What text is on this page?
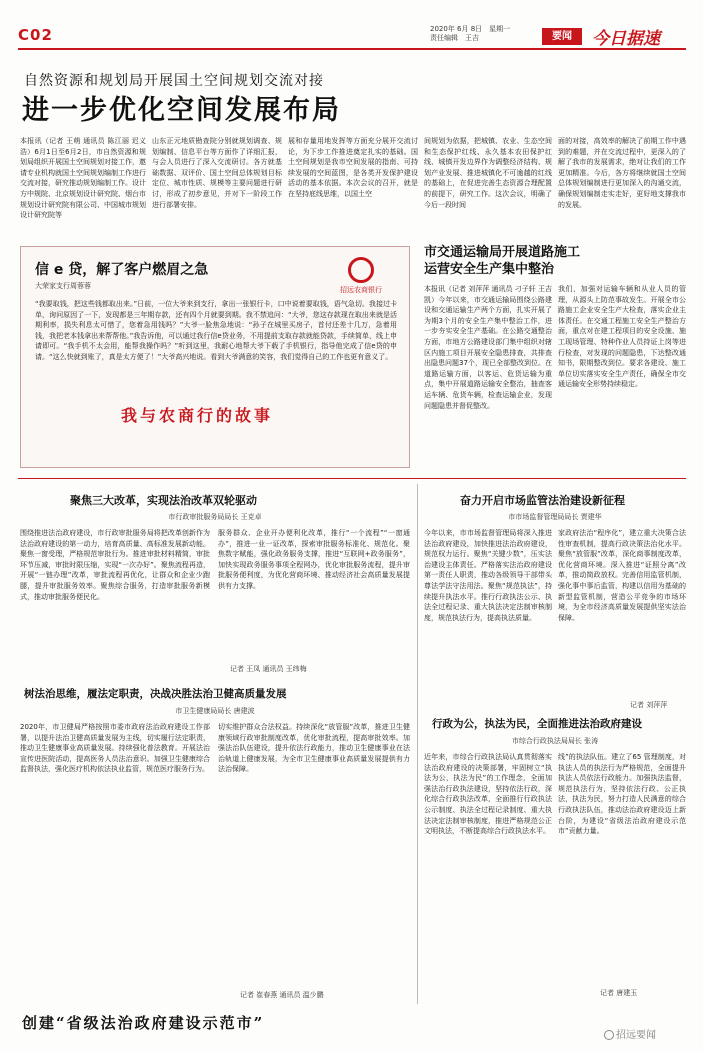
C02	2020年 6月 8日　星期一
责任编辑　王吉	要闻	今日据速
自然资源和规划局开展国土空间规划交流对接
进一步优化空间发展布局
本报讯（记者 王萌 通讯员 陈江丽 迟义浩）6月1日至6月2日，市自然资源和规划局组织开展国土空间规划对接工作，邀请专业机构就国土空间规划编制工作进行交流对接，研究推动规划编制工作。设计方中规院、北京规划设计研究院、烟台市规划设计研究院有限公司、中国城市规划设计研究院等
山东正元地质勘查院分别就规划调查、规划编制、信息平台等方面作了详细汇报，与会人员进行了深入交流研讨。各方就基础数据、双评价、国土空间总体规划目标定位、城市性质、规模等主要问题进行研讨，形成了初步意见，并对下一阶段工作进行部署安排。
展和存量用地发挥等方面充分展开交流讨论，为下步工作推进奠定扎实的基础。国土空间规划是我市空间发展的指南、可持续发展的空间蓝图，是各类开发保护建设活动的基本依据。本次会议的召开，就是在坚持底线思维，以国土空
间规划为依据，把城镇、农业、生态空间和生态保护红线、永久基本农田保护红线、城镇开发边界作为调整经济结构、规划产业发展、推进城镇化不可逾越的红线的基础上，在促进完善生态资源合理配置的前提下，研究工作。这次会议，明确了今后一段时间
面的对接，高效率的解决了前期工作中遇到的难题，并在交流过程中，更深入的了解了我市的发展需求，绝对让我们的工作更加精准。今后，各方将继续就国土空间总体规划编制进行更加深入的沟通交流，确保规划编制走实走好，更好地支撑我市的发展。
信 e 贷，解了客户燃眉之急
大荣家支行周蓉蓉	招远农商银行
“我要取钱，把这些钱都取出来。”日前，一位大爷来到支行，拿出一张银行卡，口中说着要取钱，语气急切。我接过卡单，询问原因了一下，发现都是三年期存款，还有四个月就要到期。我不禁追问：“大爷，您这存款现在取出来就是活期利率，损失利息太可惜了，您着急用钱吗？”大爷一脸焦急地说：“孙子在城里买房子，首付还差十几万，急着用钱，我把老本钱拿出来帮帮他。”我告诉他，可以通过我行信e贷业务，不用提前支取存款就能贷款，手续简单，线上申请即可。“我手机不太会用，能帮我操作吗？”听到这里，我耐心地帮大爷下载了手机银行，指导他完成了信e贷的申请。“这么快就到账了，真是太方便了！”大爷高兴地说。看到大爷满意的笑容，我们觉得自己的工作也更有意义了。
我与农商行的故事
市交通运输局开展道路施工
运营安全生产集中整治
本报讯（记者 刘萍萍 通讯员 刁子轩 王吉凯）今年以来，市交通运输局围绕公路建设和交通运输生产两个方面，扎实开展了为期3个月的安全生产集中整治工作，进一步夯实安全生产基础。在公路交通整治方面，市地方公路建设部门集中组织对辖区内施工项目开展安全隐患排查，共排查出隐患问题37个，现已全部整改到位。在道路运输方面，以客运、危货运输为重点，集中开展道路运输安全整治，抽查客运车辆、危货车辆，检查运输企业，发现问题隐患并督促整改。
我们，加强对运输车辆和从业人员的管理，从源头上防范事故发生。开展全市公路施工企业安全生产大检查，落实企业主体责任。在交通工程施工安全生产整治方面，重点对在建工程项目的安全设施、施工现场管理、特种作业人员持证上岗等进行检查，对发现的问题隐患，下达整改通知书，限期整改到位。要求各建设、施工单位切实落实安全生产责任，确保全市交通运输安全形势持续稳定。
聚焦三大改革，实现法治改革双轮驱动
市行政审批服务局局长 王克卓
围绕推进法治政府建设，市行政审批服务局将把改革创新作为法治政府建设的第一动力，培育高质量、高标准发展新动能。聚焦一窗受理，严格规范审批行为。推进审批材料精简，审批环节压减，审批时限压缩，实现“一次办好”。聚焦流程再造，开展“一链办理”改革，审批流程再优化，让群众和企业少跑腿，提升审批服务效率。聚焦综合服务，打造审批服务新模式，推动审批服务便民化。
服务群众、企业开办便利化改革，推行“一个流程”“一窗通办”，推进一业一证改革，探索审批服务标准化、规范化。聚焦数字赋能，强化政务服务支撑，推进“互联网+政务服务”，加快实现政务服务事项全程网办，优化审批服务流程，提升审批服务便利度，为优化营商环境、推动经济社会高质量发展提供有力支撑。
记者 王凤 通讯员 王纬梅
奋力开启市场监管法治建设新征程
市市场监督管理局局长 贾建华
今年以来，市市场监督管理局将深入推进法治政府建设，加快推进法治政府建设，规范权力运行。聚焦“关键少数”，压实法治建设主体责任。严格落实法治政府建设第一责任人职责，推动各级领导干部带头尊法学法守法用法。聚焦“规范执法”，持续提升执法水平。推行行政执法公示、执法全过程记录、重大执法决定法制审核制度，规范执法行为，提高执法质量。
家政府法治“程序化”，建立重大决策合法性审查机制，提高行政决策法治化水平。聚焦“放管服”改革，深化商事制度改革，优化营商环境。深入推进“证照分离”改革，推动简政放权。完善信用监管机制，强化事中事后监管，构建以信用为基础的新型监管机制，营造公平竞争的市场环境，为全市经济高质量发展提供坚实法治保障。
记者 刘萍萍
树法治思维，履法定职责，决战决胜法治卫健高质量发展
市卫生健康局局长 唐建波
2020年，市卫健局严格按照市委市政府法治政府建设工作部署，以提升法治卫健高质量发展为主线，切实履行法定职责，推动卫生健康事业高质量发展。持续强化普法教育。开展法治宣传进医院活动，提高医务人员法治意识。加强卫生健康综合监督执法，强化医疗机构依法执业监管，规范医疗服务行为。
切实维护群众合法权益。持续深化“放管服”改革，推进卫生健康领域行政审批制度改革，优化审批流程，提高审批效率。加强法治队伍建设，提升依法行政能力，推动卫生健康事业在法治轨道上健康发展，为全市卫生健康事业高质量发展提供有力法治保障。
记者 崔春燕 通讯员 温少鹏
行政为公，执法为民，全面推进法治政府建设
市综合行政执法局局长 张涛
近年来，市综合行政执法局认真贯彻落实法治政府建设的决策部署，牢固树立“执法为公，执法为民”的工作理念，全面加强法治行政执法建设，坚持依法行政，深化综合行政执法改革，全面推行行政执法公示制度、执法全过程记录制度、重大执法决定法制审核制度，推进严格规范公正文明执法，不断提高综合行政执法水平。
线”的执法队伍。建立了65 管理制度，对执法人员的执法行为严格规范，全面提升执法人员依法行政能力。加强执法监督，规范执法行为，坚持依法行政、公正执法，执法为民，努力打造人民满意的综合行政执法队伍，推动法治政府建设迈上新台阶，为建设“省级法治政府建设示范市”贡献力量。
记者 唐建玉
创建“省级法治政府建设示范市”
招远要闻
